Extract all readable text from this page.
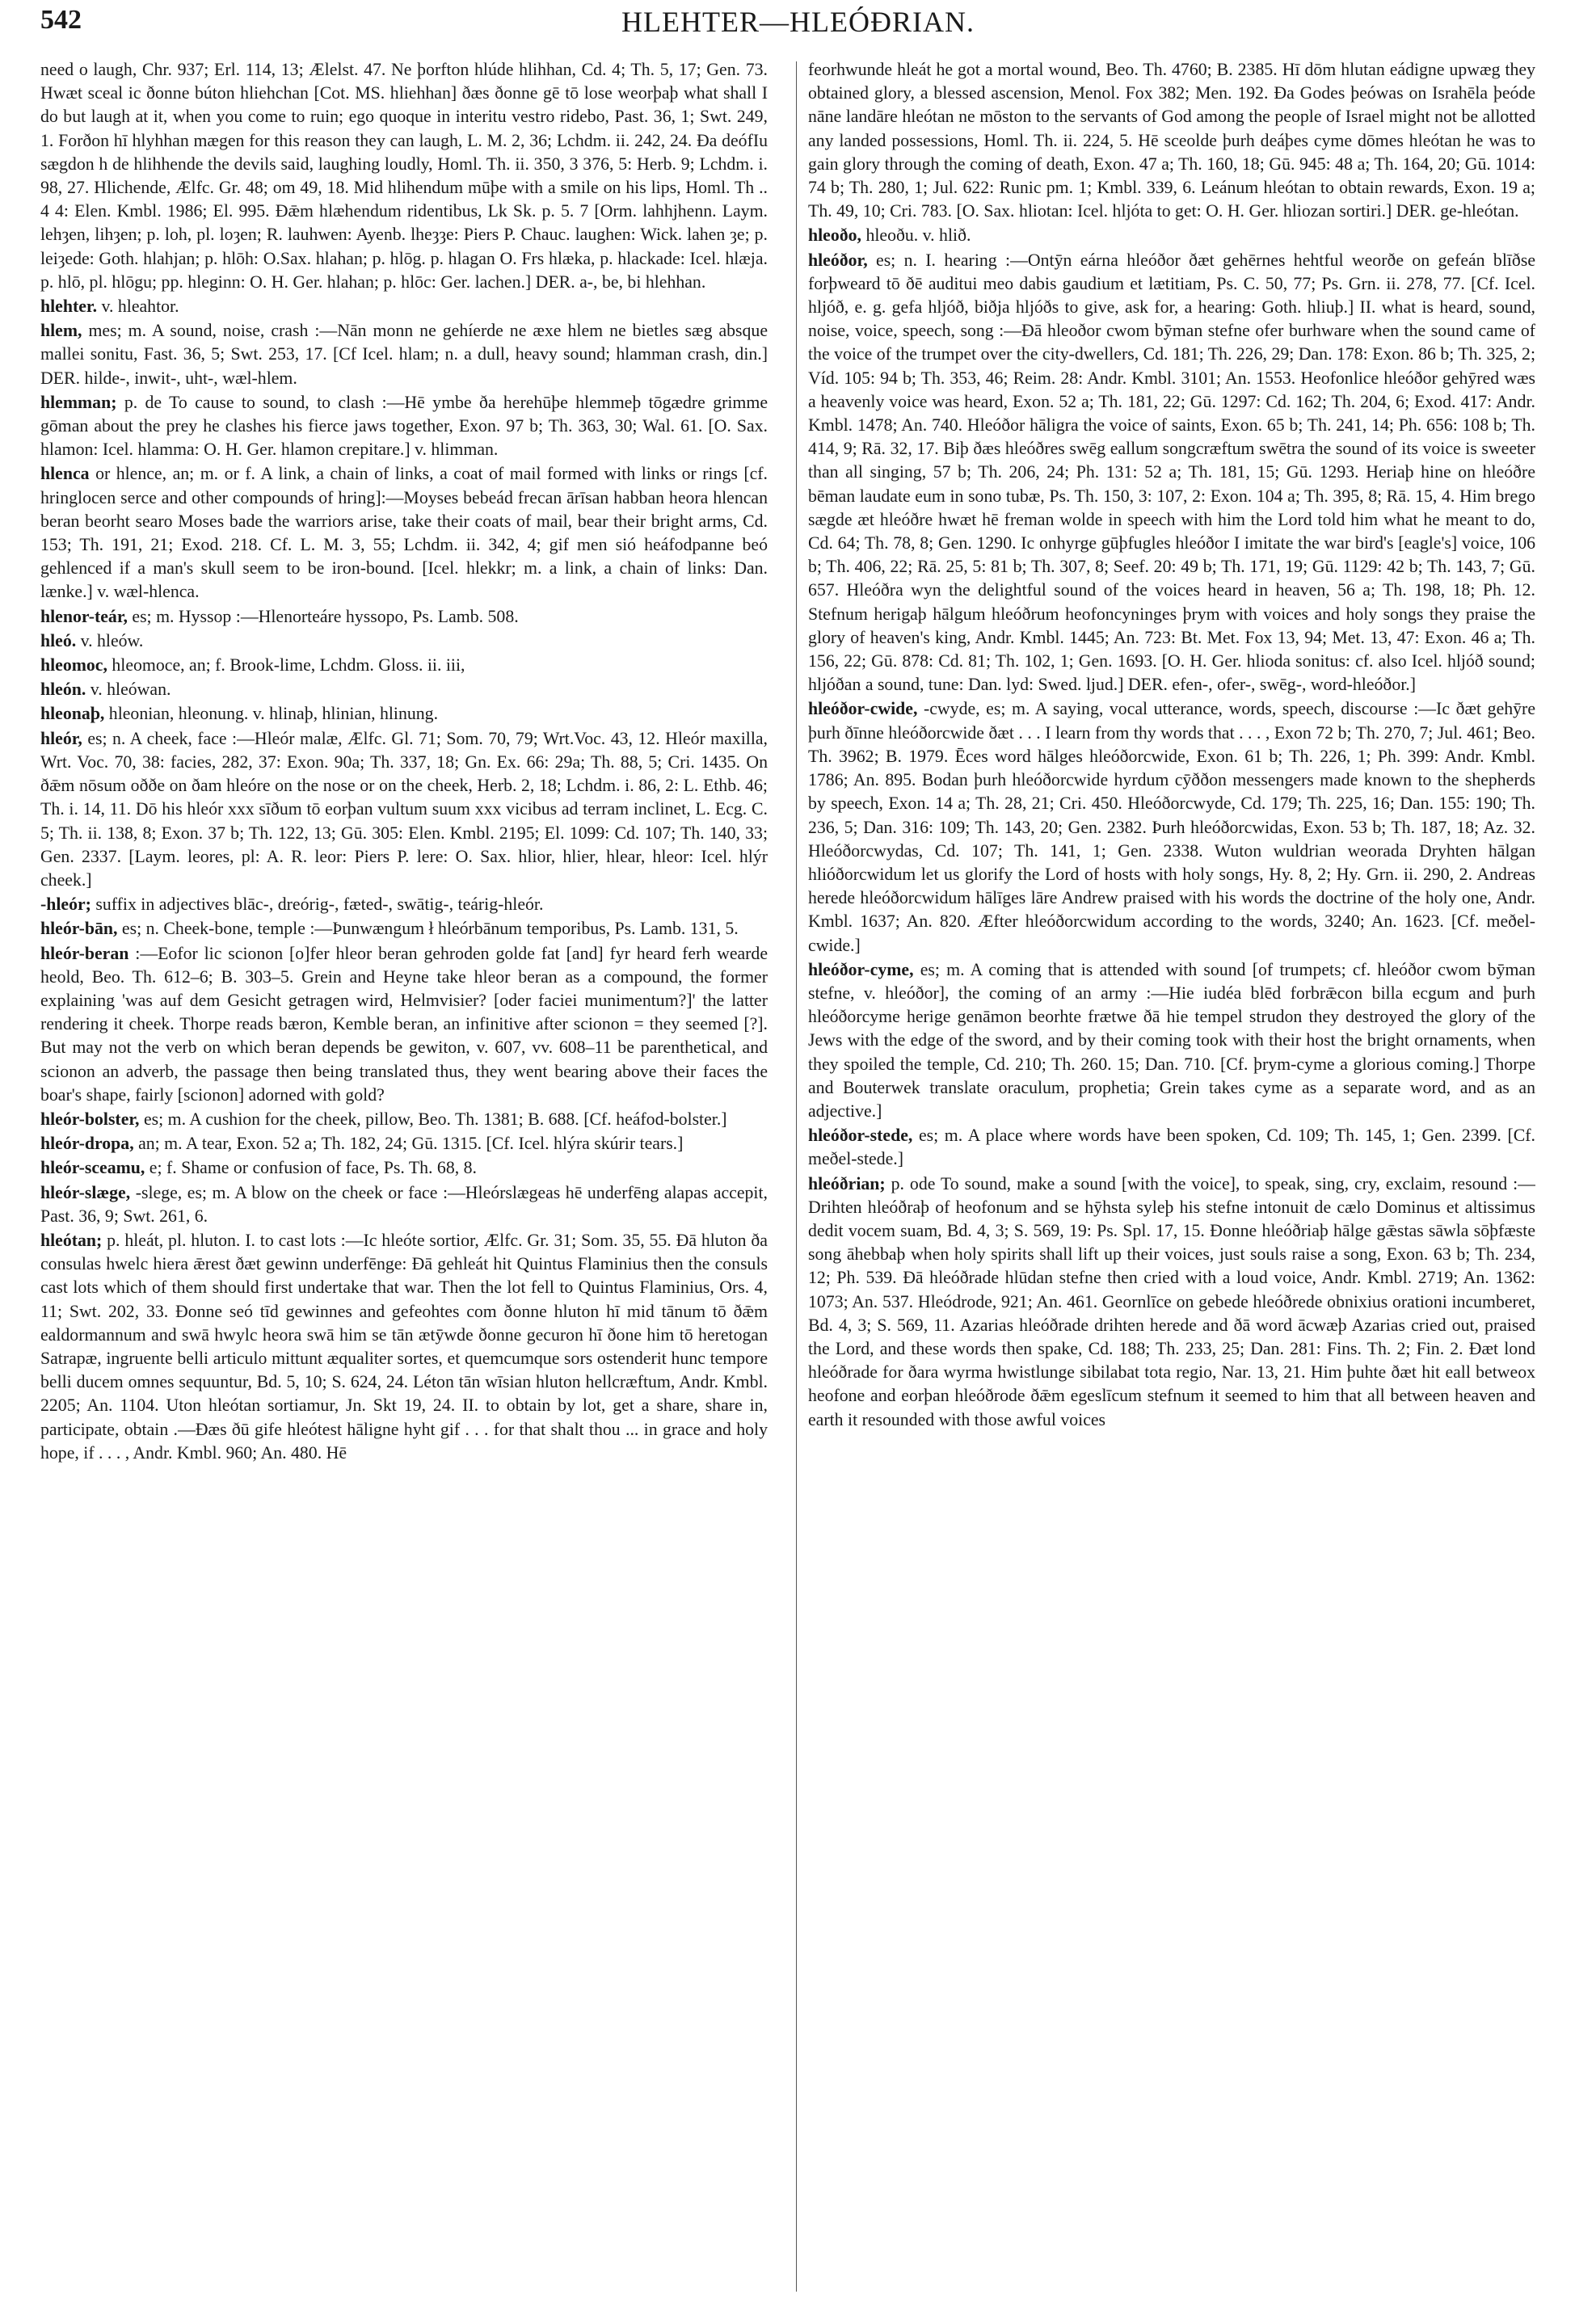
542	HLEHTER—HLEÓÐRIAN.

need o laugh, Chr. 937; Erl. 114, 13; Ælelst. 47. Ne þorfton hlúde hlihhan, Cd. 4; Th. 5, 17; Gen. 73. Hwæt sceal ic ðonne búton hliehchan [Cot. MS. hliehhan] ðæs ðonne gē tō lose weorþaþ what shall I do but laugh at it, when you come to ruin; ego quoque in interitu vestro ridebo, Past. 36, 1; Swt. 249, 1. Forðon hī hlyhhan mægen for this reason they can laugh, L. M. 2, 36; Lchdm. ii. 242, 24. Ða deófIu sægdon h de hlihhende the devils said, laughing loudly, Homl. Th. ii. 350, 3 376, 5: Herb. 9; Lchdm. i. 98, 27. Hlichende, Ælfc. Gr. 48; om 49, 18. Mid hlihendum mūþe with a smile on his lips, Homl. Th .. 4 4: Elen. Kmbl. 1986; El. 995. Ðǣm hlæhendum ridentibus, Lk Sk. p. 5. 7 [Orm. lahhjhenn. Laym. lehȝen, lihȝen; p. loh, pl. loȝen; R. lauhwen: Ayenb. lheȝȝe: Piers P. Chauc. laughen: Wick. lahen ȝe; p. leiȝede: Goth. hlahjan; p. hlōh: O.Sax. hlahan; p. hlōg. p. hlagan O. Frs hlæka, p. hlackade: Icel. hlæja. p. hlō, pl. hlōgu; pp. hleginn: O. H. Ger. hlahan; p. hlōc: Ger. lachen.] DER. a-, be, bi hlehhan.

hlehter. v. hleahtor.

hlem, mes; m. A sound, noise, crash :—Nān monn ne gehíerde ne æxe hlem ne bietles sæg absque mallei sonitu, Fast. 36, 5; Swt. 253, 17. [Cf Icel. hlam; n. a dull, heavy sound; hlamman crash, din.] DER. hilde-, inwit-, uht-, wæl-hlem.

hlemman; p. de To cause to sound, to clash :—Hē ymbe ða herehūþe hlemmeþ tōgædre grimme gōman about the prey he clashes his fierce jaws together, Exon. 97 b; Th. 363, 30; Wal. 61. [O. Sax. hlamon: Icel. hlamma: O. H. Ger. hlamon crepitare.] v. hlimman.

hlenca or hlence, an; m. or f. A link, a chain of links, a coat of mail formed with links or rings [cf. hringlocen serce and other compounds of hring]:—Moyses bebeád frecan ārīsan habban heora hlencan beran beorht searo Moses bade the warriors arise, take their coats of mail, bear their bright arms, Cd. 153; Th. 191, 21; Exod. 218. Cf. L. M. 3, 55; Lchdm. ii. 342, 4; gif men sió heáfodpanne beó gehlenced if a man's skull seem to be iron-bound. [Icel. hlekkr; m. a link, a chain of links: Dan. lænke.] v. wæl-hlenca.

hlenor-teár, es; m. Hyssop :—Hlenorteáre hyssopo, Ps. Lamb. 508.

hleó. v. hleów.

hleomoc, hleomoce, an; f. Brook-lime, Lchdm. Gloss. ii. iii,

hleón. v. hleówan.

hleonaþ, hleonian, hleonung. v. hlinaþ, hlinian, hlinung.

hleór, es; n. A cheek, face :—Hleór malæ, Ælfc. Gl. 71; Som. 70, 79; Wrt.Voc. 43, 12. Hleór maxilla, Wrt. Voc. 70, 38: facies, 282, 37: Exon. 90a; Th. 337, 18; Gn. Ex. 66: 29a; Th. 88, 5; Cri. 1435. On ðǣm nōsum oððe on ðam hleóre on the nose or on the cheek, Herb. 2, 18; Lchdm. i. 86, 2: L. Ethb. 46; Th. i. 14, 11. Dō his hleór xxx sīðum tō eorþan vultum suum xxx vicibus ad terram inclinet, L. Ecg. C. 5; Th. ii. 138, 8; Exon. 37 b; Th. 122, 13; Gū. 305: Elen. Kmbl. 2195; El. 1099: Cd. 107; Th. 140, 33; Gen. 2337. [Laym. leores, pl: A. R. leor: Piers P. lere: O. Sax. hlior, hlier, hlear, hleor: Icel. hlýr cheek.]

-hleór; suffix in adjectives blāc-, dreórig-, fæted-, swātig-, teárig-hleór.

hleór-bān, es; n. Cheek-bone, temple :—Þunwængum ł hleórbānum temporibus, Ps. Lamb. 131, 5.

hleór-beran :—Eofor lic scionon [o]fer hleor beran gehroden golde fat [and] fyr heard ferh wearde heold, Beo. Th. 612–6; B. 303–5. Grein and Heyne take hleor beran as a compound, the former explaining 'was auf dem Gesicht getragen wird, Helmvisier? [oder faciei munimentum?]' the latter rendering it cheek. Thorpe reads bæron, Kemble beran, an infinitive after scionon = they seemed [?]. But may not the verb on which beran depends be gewiton, v. 607, vv. 608–11 be parenthetical, and scionon an adverb, the passage then being translated thus, they went bearing above their faces the boar's shape, fairly [scionon] adorned with gold?

hleór-bolster, es; m. A cushion for the cheek, pillow, Beo. Th. 1381; B. 688. [Cf. heáfod-bolster.]

hleór-dropa, an; m. A tear, Exon. 52 a; Th. 182, 24; Gū. 1315. [Cf. Icel. hlýra skúrir tears.]

hleór-sceamu, e; f. Shame or confusion of face, Ps. Th. 68, 8.

hleór-slæge, -slege, es; m. A blow on the cheek or face :—Hleórslægeas hē underfēng alapas accepit, Past. 36, 9; Swt. 261, 6.

hleótan; p. hleát, pl. hluton. I. to cast lots :—Ic hleóte sortior, Ælfc. Gr. 31; Som. 35, 55. Ðā hluton ða consulas hwelc hiera ǣrest ðæt gewinn underfēnge: Ðā gehleát hit Quintus Flaminius then the consuls cast lots which of them should first undertake that war. Then the lot fell to Quintus Flaminius, Ors. 4, 11; Swt. 202, 33. Ðonne seó tīd gewinnes and gefeohtes com ðonne hluton hī mid tānum tō ðǣm ealdormannum and swā hwylc heora swā him se tān ætȳwde ðonne gecuron hī ðone him tō heretogan Satrapæ, ingruente belli articulo mittunt æqualiter sortes, et quemcumque sors ostenderit hunc tempore belli ducem omnes sequuntur, Bd. 5, 10; S. 624, 24. Léton tān wīsian hluton hellcræftum, Andr. Kmbl. 2205; An. 1104. Uton hleótan sortiamur, Jn. Skt 19, 24. II. to obtain by lot, get a share, share in, participate, obtain .—Ðæs ðū gife hleótest hāligne hyht gif . . . for that shalt thou ... in grace and holy hope, if . . . , Andr. Kmbl. 960; An. 480. Hē

feorhwunde hleát he got a mortal wound, Beo. Th. 4760; B. 2385. Hī dōm hlutan eádigne upwæg they obtained glory, a blessed ascension, Menol. Fox 382; Men. 192. Ða Godes þeówas on Israhēla þeóde nāne landāre hleótan ne mōston to the servants of God among the people of Israel might not be allotted any landed possessions, Homl. Th. ii. 224, 5. Hē sceolde þurh deáþes cyme dōmes hleótan he was to gain glory through the coming of death, Exon. 47 a; Th. 160, 18; Gū. 945: 48 a; Th. 164, 20; Gū. 1014: 74 b; Th. 280, 1; Jul. 622: Runic pm. 1; Kmbl. 339, 6. Leánum hleótan to obtain rewards, Exon. 19 a; Th. 49, 10; Cri. 783. [O. Sax. hliotan: Icel. hljóta to get: O. H. Ger. hliozan sortiri.] DER. ge-hleótan.

hleoðo, hleoðu. v. hlið.

hleóðor, es; n. I. hearing :—Ontȳn eárna hleóðor ðæt gehērnes hehtful weorðe on gefeán blīðse forþweard tō ðē auditui meo dabis gaudium et lætitiam, Ps. C. 50, 77; Ps. Grn. ii. 278, 77. [Cf. Icel. hljóð, e. g. gefa hljóð, biðja hljóðs to give, ask for, a hearing: Goth. hliuþ.] II. what is heard, sound, noise, voice, speech, song :—Ðā hleoðor cwom bȳman stefne ofer burhware when the sound came of the voice of the trumpet over the city-dwellers, Cd. 181; Th. 226, 29; Dan. 178: Exon. 86 b; Th. 325, 2; Víd. 105: 94 b; Th. 353, 46; Reim. 28: Andr. Kmbl. 3101; An. 1553. Heofonlice hleóðor gehȳred wæs a heavenly voice was heard, Exon. 52 a; Th. 181, 22; Gū. 1297: Cd. 162; Th. 204, 6; Exod. 417: Andr. Kmbl. 1478; An. 740. Hleóðor hāligra the voice of saints, Exon. 65 b; Th. 241, 14; Ph. 656: 108 b; Th. 414, 9; Rā. 32, 17. Biþ ðæs hleóðres swēg eallum songcræftum swētra the sound of its voice is sweeter than all singing, 57 b; Th. 206, 24; Ph. 131: 52 a; Th. 181, 15; Gū. 1293. Heriaþ hine on hleóðre bēman laudate eum in sono tubæ, Ps. Th. 150, 3: 107, 2: Exon. 104 a; Th. 395, 8; Rā. 15, 4. Him brego sægde æt hleóðre hwæt hē freman wolde in speech with him the Lord told him what he meant to do, Cd. 64; Th. 78, 8; Gen. 1290. Ic onhyrge gūþfugles hleóðor I imitate the war bird's [eagle's] voice, 106 b; Th. 406, 22; Rā. 25, 5: 81 b; Th. 307, 8; Seef. 20: 49 b; Th. 171, 19; Gū. 1129: 42 b; Th. 143, 7; Gū. 657. Hleóðra wyn the delightful sound of the voices heard in heaven, 56 a; Th. 198, 18; Ph. 12. Stefnum herigaþ hālgum hleóðrum heofoncyninges þrym with voices and holy songs they praise the glory of heaven's king, Andr. Kmbl. 1445; An. 723: Bt. Met. Fox 13, 94; Met. 13, 47: Exon. 46 a; Th. 156, 22; Gū. 878: Cd. 81; Th. 102, 1; Gen. 1693. [O. H. Ger. hlioda sonitus: cf. also Icel. hljóð sound; hljóðan a sound, tune: Dan. lyd: Swed. ljud.] DER. efen-, ofer-, swēg-, word-hleóðor.]

hleóðor-cwide, -cwyde, es; m. A saying, vocal utterance, words, speech, discourse :—Ic ðæt gehȳre þurh ðīnne hleóðorcwide ðæt . . . I learn from thy words that . . . , Exon 72 b; Th. 270, 7; Jul. 461; Beo. Th. 3962; B. 1979. Ēces word hālges hleóðorcwide, Exon. 61 b; Th. 226, 1; Ph. 399: Andr. Kmbl. 1786; An. 895. Bodan þurh hleóðorcwide hyrdum cȳððon messengers made known to the shepherds by speech, Exon. 14 a; Th. 28, 21; Cri. 450. Hleóðorcwyde, Cd. 179; Th. 225, 16; Dan. 155: 190; Th. 236, 5; Dan. 316: 109; Th. 143, 20; Gen. 2382. Þurh hleóðorcwidas, Exon. 53 b; Th. 187, 18; Az. 32. Hleóðorcwydas, Cd. 107; Th. 141, 1; Gen. 2338. Wuton wuldrian weorada Dryhten hālgan hlióðorcwidum let us glorify the Lord of hosts with holy songs, Hy. 8, 2; Hy. Grn. ii. 290, 2. Andreas herede hleóðorcwidum hālīges lāre Andrew praised with his words the doctrine of the holy one, Andr. Kmbl. 1637; An. 820. Æfter hleóðorcwidum according to the words, 3240; An. 1623. [Cf. meðel-cwide.]

hleóðor-cyme, es; m. A coming that is attended with sound [of trumpets; cf. hleóðor cwom bȳman stefne, v. hleóðor], the coming of an army :—Hie iudéa blēd forbrǣcon billa ecgum and þurh hleóðorcyme herige genāmon beorhte frætwe ðā hie tempel strudon they destroyed the glory of the Jews with the edge of the sword, and by their coming took with their host the bright ornaments, when they spoiled the temple, Cd. 210; Th. 260. 15; Dan. 710. [Cf. þrym-cyme a glorious coming.] Thorpe and Bouterwek translate oraculum, prophetia; Grein takes cyme as a separate word, and as an adjective.]

hleóðor-stede, es; m. A place where words have been spoken, Cd. 109; Th. 145, 1; Gen. 2399. [Cf. meðel-stede.]

hleóðrian; p. ode To sound, make a sound [with the voice], to speak, sing, cry, exclaim, resound :—Drihten hleóðraþ of heofonum and se hȳhsta syleþ his stefne intonuit de cælo Dominus et altissimus dedit vocem suam, Bd. 4, 3; S. 569, 19: Ps. Spl. 17, 15. Ðonne hleóðriaþ hālge gǣstas sāwla sōþfæste song āhebbaþ when holy spirits shall lift up their voices, just souls raise a song, Exon. 63 b; Th. 234, 12; Ph. 539. Ðā hleóðrade hlūdan stefne then cried with a loud voice, Andr. Kmbl. 2719; An. 1362: 1073; An. 537. Hleódrode, 921; An. 461. Geornlīce on gebede hleóðrede obnixius orationi incumberet, Bd. 4, 3; S. 569, 11. Azarias hleóðrade drihten herede and ðā word ācwæþ Azarias cried out, praised the Lord, and these words then spake, Cd. 188; Th. 233, 25; Dan. 281: Fins. Th. 2; Fin. 2. Ðæt lond hleóðrade for ðara wyrma hwistlunge sibilabat tota regio, Nar. 13, 21. Him þuhte ðæt hit eall betweox heofone and eorþan hleóðrode ðǣm egeslīcum stefnum it seemed to him that all between heaven and earth it resounded with those awful voices
